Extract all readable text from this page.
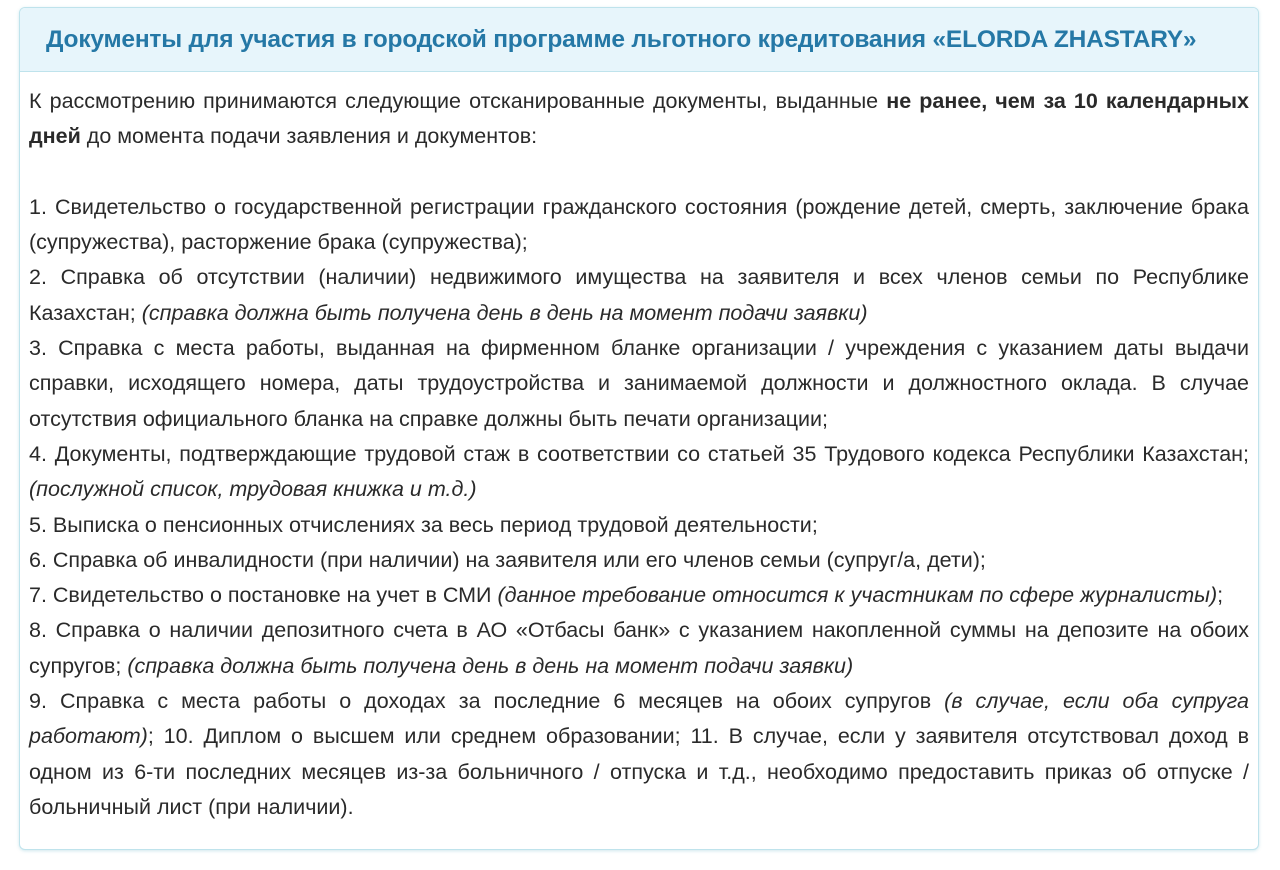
Документы для участия в городской программе льготного кредитования «ELORDA ZHASTARY»

К рассмотрению принимаются следующие отсканированные документы, выданные не ранее, чем за 10 календарных дней до момента подачи заявления и документов:

1. Свидетельство о государственной регистрации гражданского состояния (рождение детей, смерть, заключение брака (супружества), расторжение брака (супружества);

2. Справка об отсутствии (наличии) недвижимого имущества на заявителя и всех членов семьи по Республике Казахстан; (справка должна быть получена день в день на момент подачи заявки)

3. Справка с места работы, выданная на фирменном бланке организации / учреждения с указанием даты выдачи справки, исходящего номера, даты трудоустройства и занимаемой должности и должностного оклада. В случае отсутствия официального бланка на справке должны быть печати организации;

4. Документы, подтверждающие трудовой стаж в соответствии со статьей 35 Трудового кодекса Республики Казахстан; (послужной список, трудовая книжка и т.д.)

5. Выписка о пенсионных отчислениях за весь период трудовой деятельности;

6. Справка об инвалидности (при наличии) на заявителя или его членов семьи (супруг/а, дети);

7. Свидетельство о постановке на учет в СМИ (данное требование относится к участникам по сфере журналисты);

8. Справка о наличии депозитного счета в АО «Отбасы банк» с указанием накопленной суммы на депозите на обоих супругов; (справка должна быть получена день в день на момент подачи заявки)

9. Справка с места работы о доходах за последние 6 месяцев на обоих супругов (в случае, если оба супруга работают); 10. Диплом о высшем или среднем образовании; 11. В случае, если у заявителя отсутствовал доход в одном из 6-ти последних месяцев из-за больничного / отпуска и т.д., необходимо предоставить приказ об отпуске / больничный лист (при наличии).
